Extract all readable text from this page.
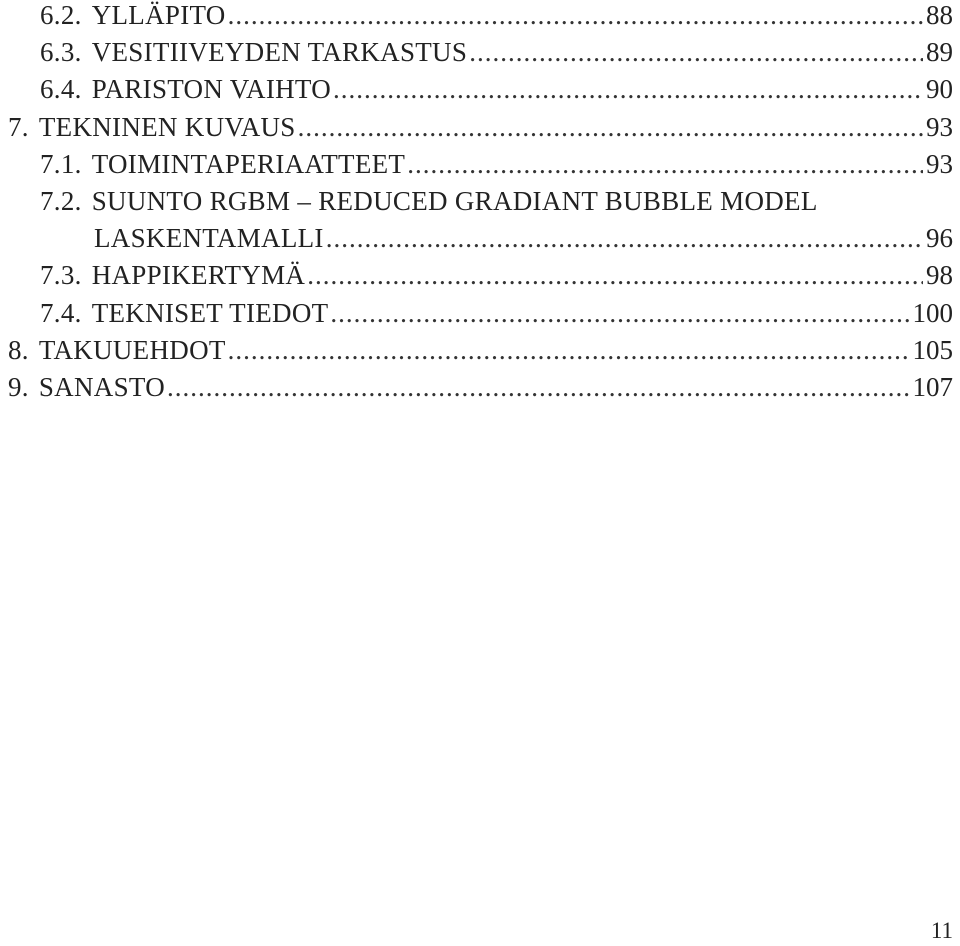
6.2. YLLÄPITO .....	88
6.3. VESITIIVEYDEN TARKASTUS .....	89
6.4. PARISTON VAIHTO .....	90
7. TEKNINEN KUVAUS .....	93
7.1. TOIMINTAPERIAATTEET .....	93
7.2. SUUNTO RGBM – REDUCED GRADIANT BUBBLE MODEL
LASKENTAMALLI .....	96
7.3. HAPPIKERTYMÄ .....	98
7.4. TEKNISET TIEDOT .....	100
8. TAKUUEHDOT .....	105
9. SANASTO .....	107
11
